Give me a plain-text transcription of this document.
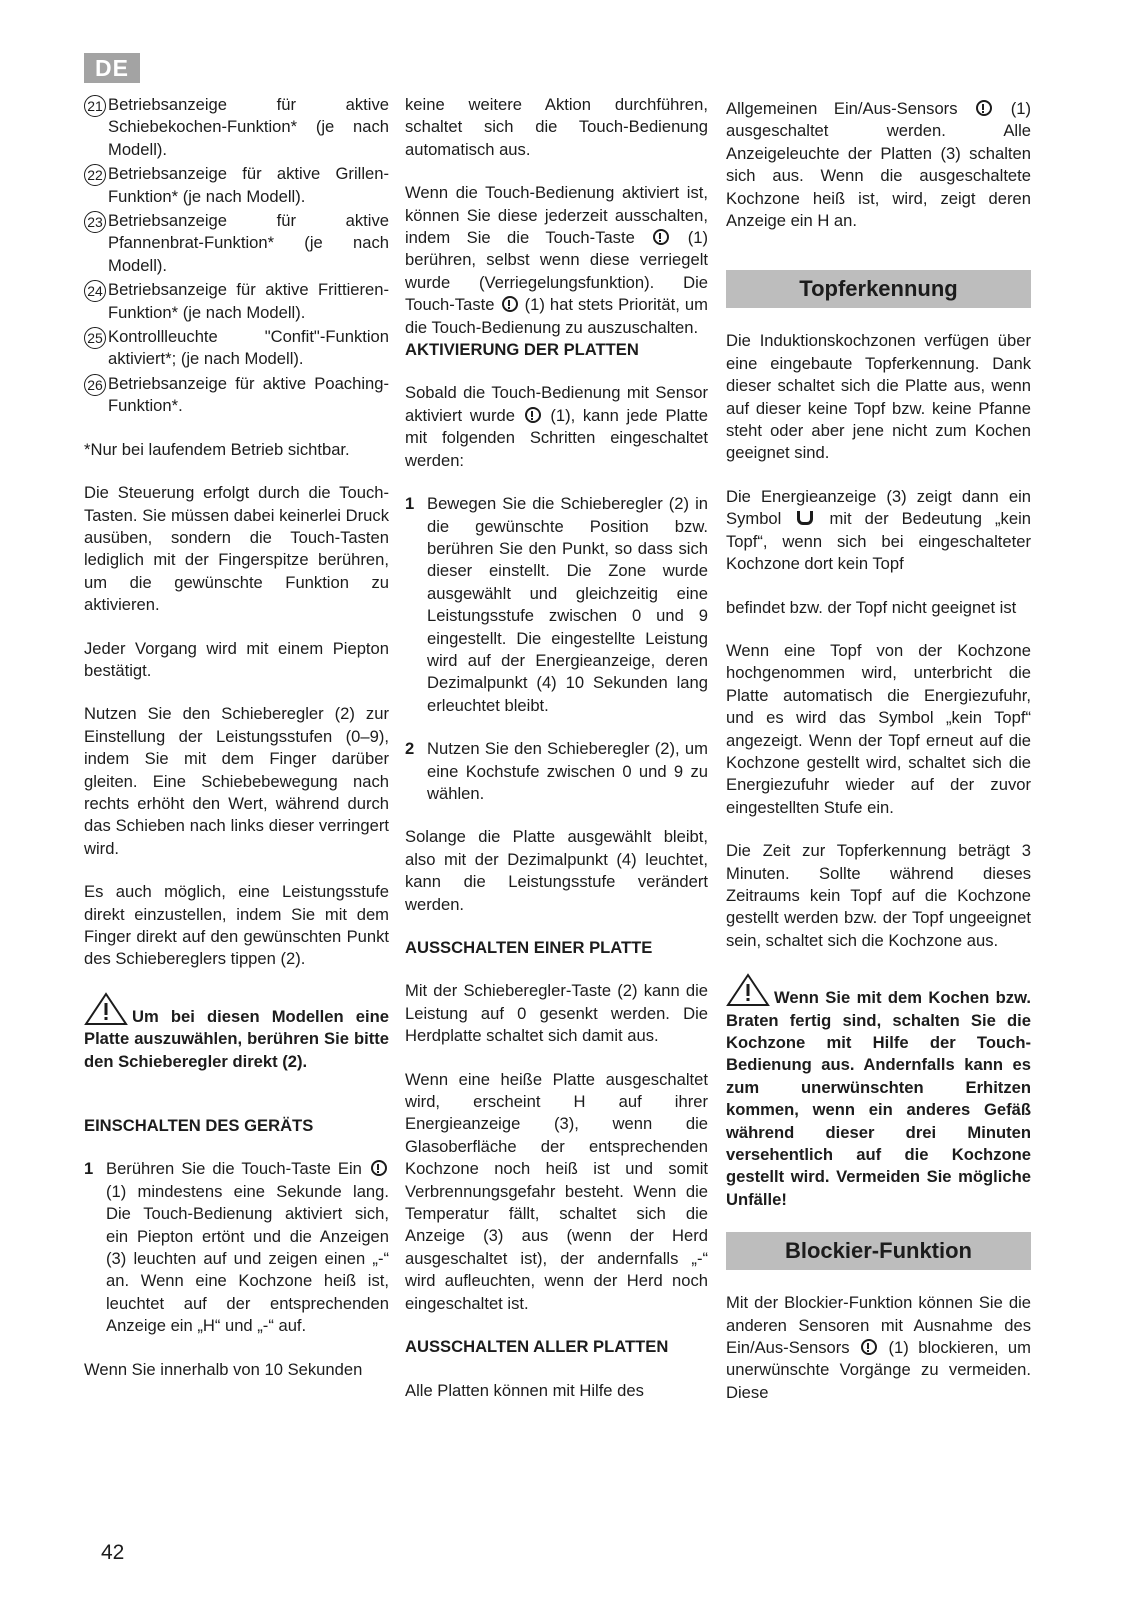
DE
21 Betriebsanzeige für aktive Schiebekochen-Funktion* (je nach Modell).
22 Betriebsanzeige für aktive Grillen-Funktion* (je nach Modell).
23 Betriebsanzeige für aktive Pfannenbrat-Funktion* (je nach Modell).
24 Betriebsanzeige für aktive Frittieren-Funktion* (je nach Modell).
25 Kontrollleuchte "Confit"-Funktion aktiviert*; (je nach Modell).
26 Betriebsanzeige für aktive Poaching-Funktion*.

*Nur bei laufendem Betrieb sichtbar.

Die Steuerung erfolgt durch die Touch-Tasten. Sie müssen dabei keinerlei Druck ausüben, sondern die Touch-Tasten lediglich mit der Fingerspitze berühren, um die gewünschte Funktion zu aktivieren.

Jeder Vorgang wird mit einem Piepton bestätigt.

Nutzen Sie den Schieberegler (2) zur Einstellung der Leistungsstufen (0–9), indem Sie mit dem Finger darüber gleiten. Eine Schiebebewegung nach rechts erhöht den Wert, während durch das Schieben nach links dieser verringert wird.

Es auch möglich, eine Leistungsstufe direkt einzustellen, indem Sie mit dem Finger direkt auf den gewünschten Punkt des Schiebereglers tippen (2).

Um bei diesen Modellen eine Platte auszuwählen, berühren Sie bitte den Schieberegler direkt (2).

EINSCHALTEN DES GERÄTS
1 Berühren Sie die Touch-Taste Ein  (1) mindestens eine Sekunde lang. Die Touch-Bedienung aktiviert sich, ein Piepton ertönt und die Anzeigen (3) leuchten auf und zeigen einen „-“ an. Wenn eine Kochzone heiß ist, leuchtet auf der entsprechenden Anzeige ein „H“ und „-“ auf.

Wenn Sie innerhalb von 10 Sekunden

keine weitere Aktion durchführen, schaltet sich die Touch-Bedienung automatisch aus.

Wenn die Touch-Bedienung aktiviert ist, können Sie diese jederzeit ausschalten, indem Sie die Touch-Taste	(1) berühren, selbst wenn diese verriegelt wurde (Verriegelungsfunktion). Die Touch-Taste (1) hat stets Priorität, um die Touch-Bedienung zu auszuschalten.

AKTIVIERUNG DER PLATTEN

Sobald die Touch-Bedienung mit Sensor aktiviert wurde (1), kann jede Platte mit folgenden Schritten eingeschaltet werden:

1 Bewegen Sie die Schieberegler (2) in die gewünschte Position bzw. berühren Sie den Punkt, so dass sich dieser einstellt. Die Zone wurde ausgewählt und gleichzeitig eine Leistungsstufe zwischen 0 und 9 eingestellt. Die eingestellte Leistung wird auf der Energieanzeige, deren Dezimalpunkt (4) 10 Sekunden lang erleuchtet bleibt.
2 Nutzen Sie den Schieberegler (2), um eine Kochstufe zwischen 0 und 9 zu wählen.

Solange die Platte ausgewählt bleibt, also mit der Dezimalpunkt (4) leuchtet, kann die Leistungsstufe verändert werden.

AUSSCHALTEN EINER PLATTE

Mit der Schieberegler-Taste (2) kann die Leistung auf 0 gesenkt werden. Die Herdplatte schaltet sich damit aus.

Wenn eine heiße Platte ausgeschaltet wird, erscheint H auf ihrer Energieanzeige (3), wenn die Glasoberfläche der entsprechenden Kochzone noch heiß ist und somit Verbrennungsgefahr besteht. Wenn die Temperatur fällt, schaltet sich die Anzeige (3) aus (wenn der Herd ausgeschaltet ist), der andernfalls „-“ wird aufleuchten, wenn der Herd noch eingeschaltet ist.

AUSSCHALTEN ALLER PLATTEN

Alle Platten können mit Hilfe des

Allgemeinen Ein/Aus-Sensors	(1) ausgeschaltet werden. Alle Anzeigeleuchte der Platten (3) schalten sich aus. Wenn die ausgeschaltete Kochzone heiß ist, wird, zeigt deren Anzeige ein H an.

Topferkennung

Die Induktionskochzonen verfügen über eine eingebaute Topferkennung. Dank dieser schaltet sich die Platte aus, wenn auf dieser keine Topf bzw. keine Pfanne steht oder aber jene nicht zum Kochen geeignet sind.

Die Energieanzeige (3) zeigt dann ein Symbol	mit der Bedeutung „kein Topf“, wenn sich bei eingeschalteter Kochzone dort kein Topf

befindet bzw. der Topf nicht geeignet ist

Wenn eine Topf von der Kochzone hochgenommen wird, unterbricht die Platte automatisch die Energiezufuhr, und es wird das Symbol „kein Topf“ angezeigt. Wenn der Topf erneut auf die Kochzone gestellt wird, schaltet sich die Energiezufuhr wieder auf der zuvor eingestellten Stufe ein.

Die Zeit zur Topferkennung beträgt 3 Minuten. Sollte während dieses Zeitraums kein Topf auf die Kochzone gestellt werden bzw. der Topf ungeeignet sein, schaltet sich die Kochzone aus.

Wenn Sie mit dem Kochen bzw. Braten fertig sind, schalten Sie die Kochzone mit Hilfe der Touch-Bedienung aus. Andernfalls kann es zum unerwünschten Erhitzen kommen, wenn ein anderes Gefäß während dieser drei Minuten versehentlich auf die Kochzone gestellt wird. Vermeiden Sie mögliche Unfälle!

Blockier-Funktion

Mit der Blockier-Funktion können Sie die anderen Sensoren mit Ausnahme des Ein/Aus-Sensors (1) blockieren, um unerwünschte Vorgänge zu vermeiden. Diese

42
